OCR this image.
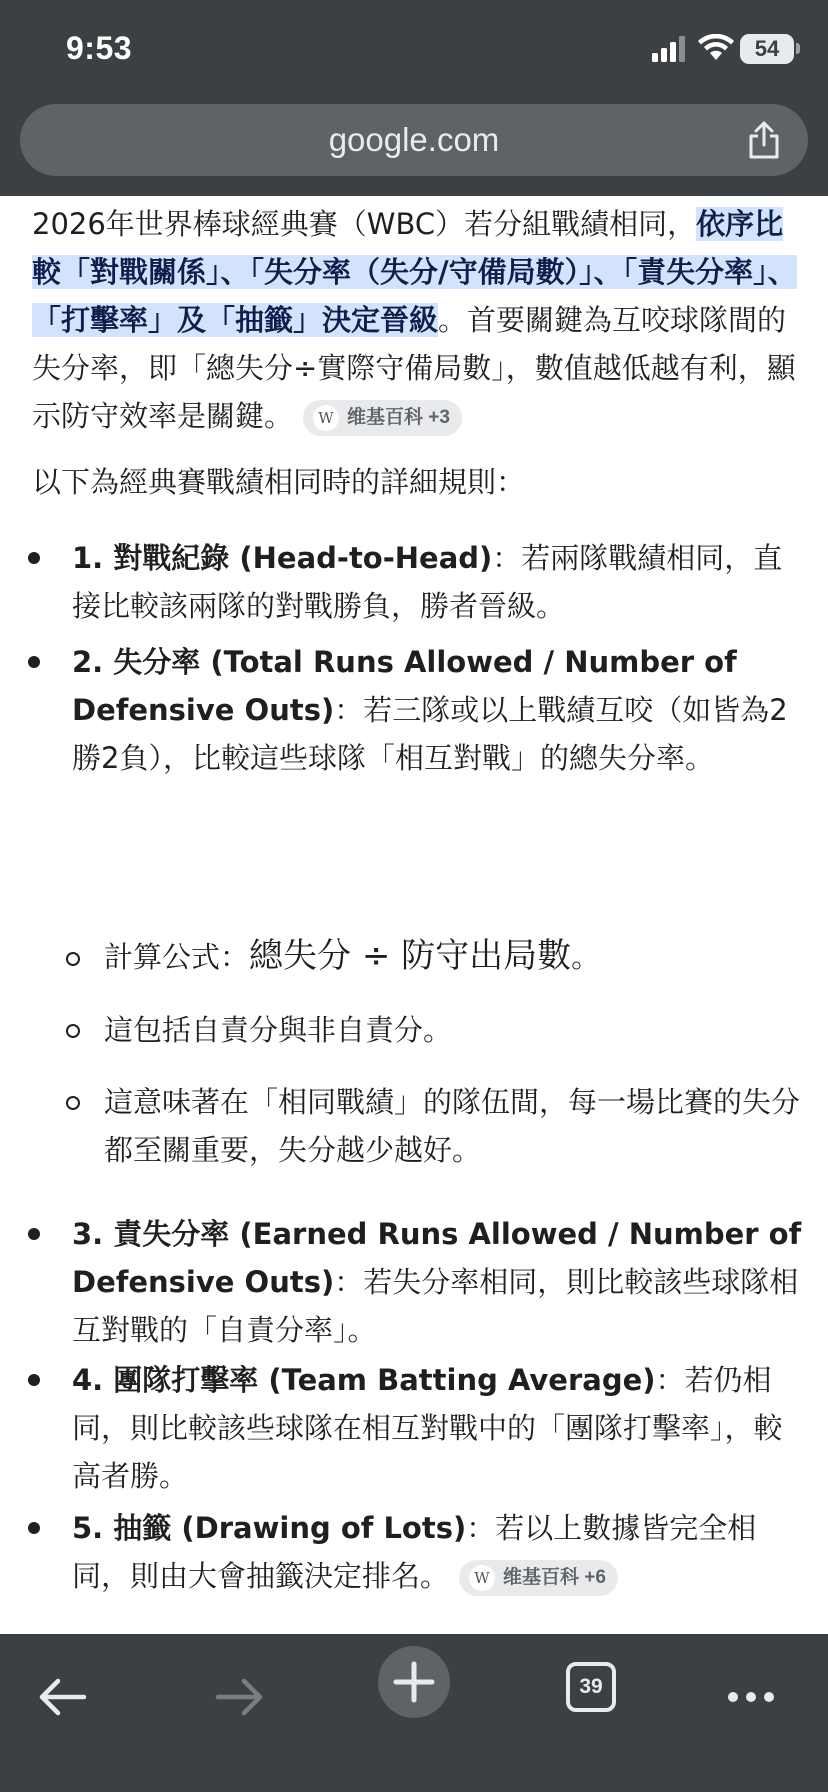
9:53	54
google.com

2026年世界棒球經典賽（WBC）若分組戰績相同，依序比較「對戰關係」、「失分率（失分/守備局數）」、「責失分率」、「打擊率」及「抽籤」決定晉級。首要關鍵為互咬球隊間的失分率，即「總失分÷實際守備局數」，數值越低越有利，顯示防守效率是關鍵。 W 维基百科 +3

以下為經典賽戰績相同時的詳細規則：

1. 對戰紀錄 (Head-to-Head)：若兩隊戰績相同，直接比較該兩隊的對戰勝負，勝者晉級。
2. 失分率 (Total Runs Allowed / Number of Defensive Outs)：若三隊或以上戰績互咬（如皆為2勝2負），比較這些球隊「相互對戰」的總失分率。
計算公式：總失分 ÷ 防守出局數。
這包括自責分與非自責分。
這意味著在「相同戰績」的隊伍間，每一場比賽的失分都至關重要，失分越少越好。
3. 責失分率 (Earned Runs Allowed / Number of Defensive Outs)：若失分率相同，則比較該些球隊相互對戰的「自責分率」。
4. 團隊打擊率 (Team Batting Average)：若仍相同，則比較該些球隊在相互對戰中的「團隊打擊率」，較高者勝。
5. 抽籤 (Drawing of Lots)：若以上數據皆完全相同，則由大會抽籤決定排名。 W 维基百科 +6
39
